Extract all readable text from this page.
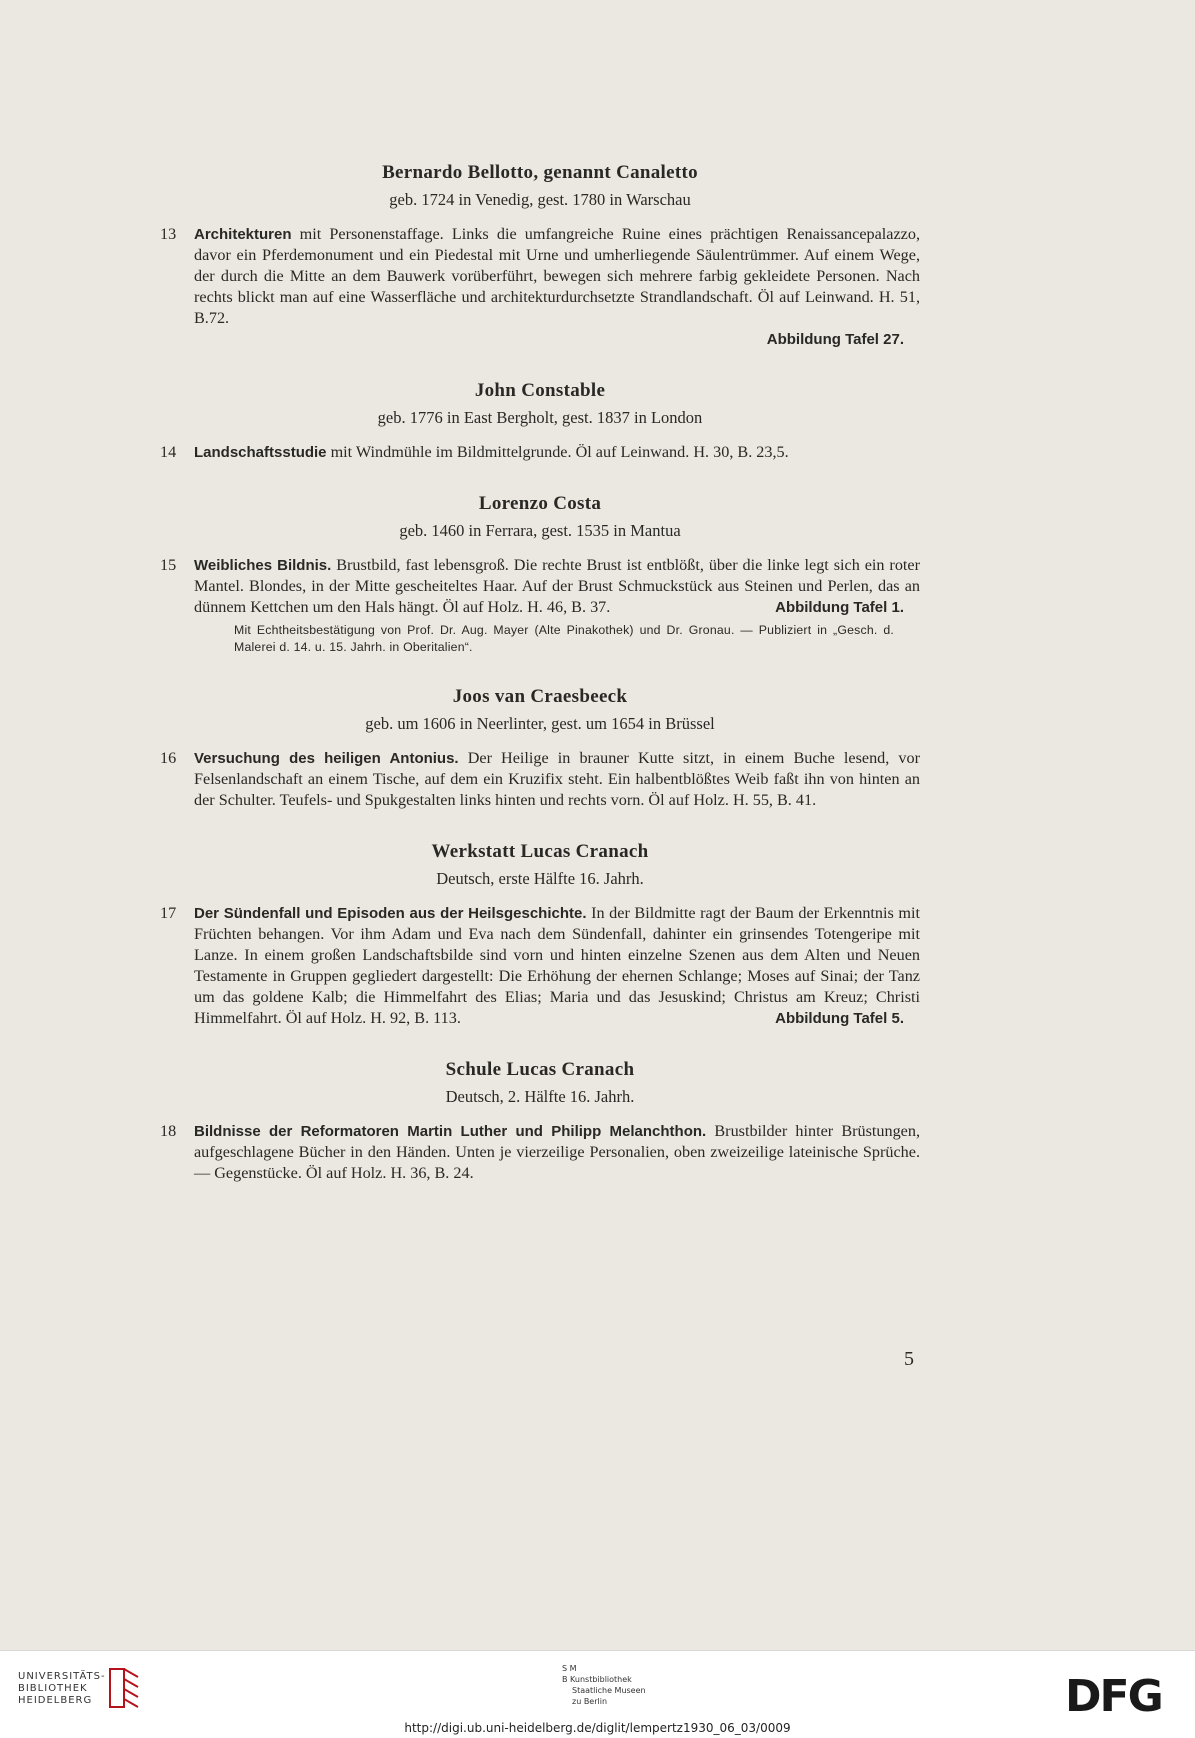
Bernardo Bellotto, genannt Canaletto

geb. 1724 in Venedig, gest. 1780 in Warschau

13	Architekturen mit Personenstaffage. Links die umfangreiche Ruine eines prächtigen Renaissancepalazzo, davor ein Pferdemonument und ein Piedestal mit Urne und umherliegende Säulentrümmer. Auf einem Wege, der durch die Mitte an dem Bauwerk vorüberführt, bewegen sich mehrere farbig gekleidete Personen. Nach rechts blickt man auf eine Wasserfläche und architekturdurchsetzte Strandlandschaft. Öl auf Leinwand. H. 51, B.72.
Abbildung Tafel 27.

John Constable

geb. 1776 in East Bergholt, gest. 1837 in London

14	Landschaftsstudie mit Windmühle im Bildmittelgrunde. Öl auf Leinwand. H. 30, B. 23,5.

Lorenzo Costa

geb. 1460 in Ferrara, gest. 1535 in Mantua

15	Weibliches Bildnis. Brustbild, fast lebensgroß. Die rechte Brust ist entblößt, über die linke legt sich ein roter Mantel. Blondes, in der Mitte gescheiteltes Haar. Auf der Brust Schmuckstück aus Steinen und Perlen, das an dünnem Kettchen um den Hals hängt. Öl auf Holz. H. 46, B. 37.	Abbildung Tafel 1.
Mit Echtheitsbestätigung von Prof. Dr. Aug. Mayer (Alte Pinakothek) und Dr. Gronau. — Publiziert in „Gesch. d. Malerei d. 14. u. 15. Jahrh. in Oberitalien“.

Joos van Craesbeeck

geb. um 1606 in Neerlinter, gest. um 1654 in Brüssel

16	Versuchung des heiligen Antonius. Der Heilige in brauner Kutte sitzt, in einem Buche lesend, vor Felsenlandschaft an einem Tische, auf dem ein Kruzifix steht. Ein halbentblößtes Weib faßt ihn von hinten an der Schulter. Teufels- und Spukgestalten links hinten und rechts vorn. Öl auf Holz. H. 55, B. 41.

Werkstatt Lucas Cranach

Deutsch, erste Hälfte 16. Jahrh.

17	Der Sündenfall und Episoden aus der Heilsgeschichte. In der Bildmitte ragt der Baum der Erkenntnis mit Früchten behangen. Vor ihm Adam und Eva nach dem Sündenfall, dahinter ein grinsendes Totengeripe mit Lanze. In einem großen Landschaftsbilde sind vorn und hinten einzelne Szenen aus dem Alten und Neuen Testamente in Gruppen gegliedert dargestellt: Die Erhöhung der ehernen Schlange; Moses auf Sinai; der Tanz um das goldene Kalb; die Himmelfahrt des Elias; Maria und das Jesuskind; Christus am Kreuz; Christi Himmelfahrt. Öl auf Holz. H. 92, B. 113.	Abbildung Tafel 5.

Schule Lucas Cranach

Deutsch, 2. Hälfte 16. Jahrh.

18	Bildnisse der Reformatoren Martin Luther und Philipp Melanchthon. Brustbilder hinter Brüstungen, aufgeschlagene Bücher in den Händen. Unten je vierzeilige Personalien, oben zweizeilige lateinische Sprüche. — Gegenstücke. Öl auf Holz. H. 36, B. 24.
5
UNIVERSITÄTS-
BIBLIOTHEK
HEIDELBERG
S M
B Kunstbibliothek
Staatliche Museen
zu Berlin	DFG
http://digi.ub.uni-heidelberg.de/diglit/lempertz1930_06_03/0009
